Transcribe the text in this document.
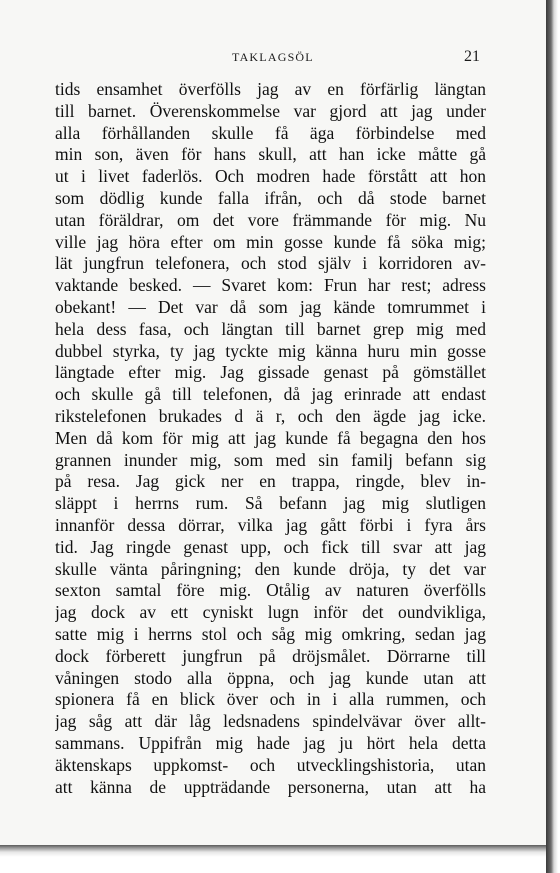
TAKLAGSÖL	21
tids ensamhet överfölls jag av en förfärlig längtan
till barnet. Överenskommelse var gjord att jag under
alla förhållanden skulle få äga förbindelse med
min son, även för hans skull, att han icke måtte gå
ut i livet faderlös. Och modren hade förstått att hon
som dödlig kunde falla ifrån, och då stode barnet
utan föräldrar, om det vore främmande för mig. Nu
ville jag höra efter om min gosse kunde få söka mig;
lät jungfrun telefonera, och stod själv i korridoren av-
vaktande besked. — Svaret kom: Frun har rest; adress
obekant! — Det var då som jag kände tomrummet i
hela dess fasa, och längtan till barnet grep mig med
dubbel styrka, ty jag tyckte mig känna huru min gosse
längtade efter mig. Jag gissade genast på gömstället
och skulle gå till telefonen, då jag erinrade att endast
rikstelefonen brukades d ä r, och den ägde jag icke.
Men då kom för mig att jag kunde få begagna den hos
grannen inunder mig, som med sin familj befann sig
på resa. Jag gick ner en trappa, ringde, blev in-
släppt i herrns rum. Så befann jag mig slutligen
innanför dessa dörrar, vilka jag gått förbi i fyra års
tid. Jag ringde genast upp, och fick till svar att jag
skulle vänta påringning; den kunde dröja, ty det var
sexton samtal före mig. Otålig av naturen överfölls
jag dock av ett cyniskt lugn inför det oundvikliga,
satte mig i herrns stol och såg mig omkring, sedan jag
dock förberett jungfrun på dröjsmålet. Dörrarne till
våningen stodo alla öppna, och jag kunde utan att
spionera få en blick över och in i alla rummen, och
jag såg att där låg ledsnadens spindelvävar över allt-
sammans. Uppifrån mig hade jag ju hört hela detta
äktenskaps uppkomst- och utvecklingshistoria, utan
att känna de uppträdande personerna, utan att ha
